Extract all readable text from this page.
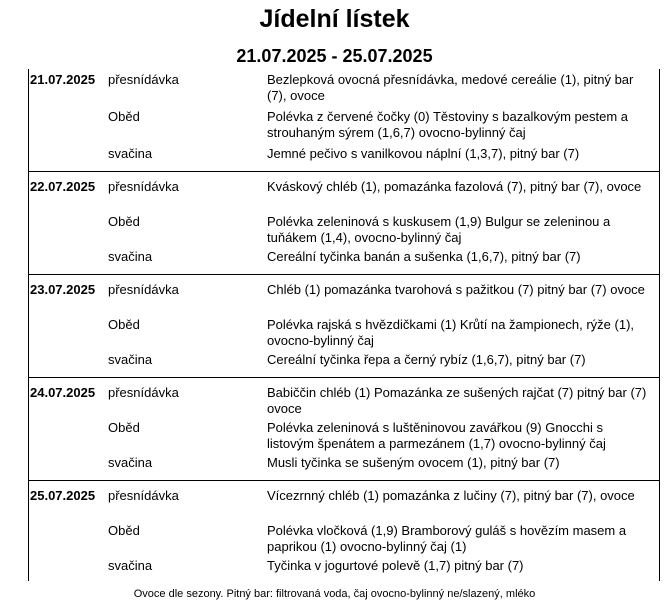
Jídelní lístek
21.07.2025 - 25.07.2025
21.07.2025 přesnídávka	Bezlepková ovocná přesnídávka, medové cereálie (1), pitný bar (7), ovoce
Oběd	Polévka z červené čočky (0) Těstoviny s bazalkovým pestem a strouhaným sýrem (1,6,7) ovocno-bylinný čaj
svačina	Jemné pečivo s vanilkovou náplní (1,3,7), pitný bar (7)
22.07.2025 přesnídávka	Kváskový chléb (1), pomazánka fazolová (7), pitný bar (7), ovoce
Oběd	Polévka zeleninová s kuskusem (1,9) Bulgur se zeleninou a tuňákem (1,4), ovocno-bylinný čaj
svačina	Cereální tyčinka banán a sušenka (1,6,7), pitný bar (7)
23.07.2025 přesnídávka	Chléb (1) pomazánka tvarohová s pažitkou (7) pitný bar (7) ovoce
Oběd	Polévka rajská s hvězdičkami (1) Krůtí na žampionech, rýže (1), ovocno-bylinný čaj
svačina	Cereální tyčinka řepa a černý rybíz (1,6,7), pitný bar (7)
24.07.2025 přesnídávka	Babiččin chléb (1) Pomazánka ze sušených rajčat (7) pitný bar (7) ovoce
Oběd	Polévka zeleninová s luštěninovou zavářkou (9) Gnocchi s listovým špenátem a parmezánem (1,7) ovocno-bylinný čaj
svačina	Musli tyčinka se sušeným ovocem (1), pitný bar (7)
25.07.2025 přesnídávka	Vícezrnný chléb (1) pomazánka z lučiny (7), pitný bar (7), ovoce
Oběd	Polévka vločková (1,9) Bramborový guláš s hovězím masem a paprikou (1) ovocno-bylinný čaj (1)
svačina	Tyčinka v jogurtové polevě (1,7) pitný bar (7)
Ovoce dle sezony. Pitný bar: filtrovaná voda, čaj ovocno-bylinný ne/slazený, mléko
